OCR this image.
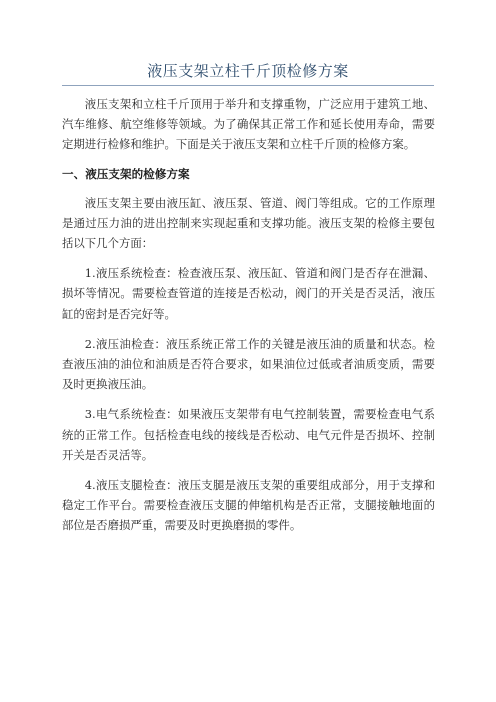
液压支架立柱千斤顶检修方案

液压支架和立柱千斤顶用于举升和支撑重物，广泛应用于建筑工地、汽车维修、航空维修等领域。为了确保其正常工作和延长使用寿命，需要定期进行检修和维护。下面是关于液压支架和立柱千斤顶的检修方案。

一、液压支架的检修方案

液压支架主要由液压缸、液压泵、管道、阀门等组成。它的工作原理是通过压力油的进出控制来实现起重和支撑功能。液压支架的检修主要包括以下几个方面：

1.液压系统检查：检查液压泵、液压缸、管道和阀门是否存在泄漏、损坏等情况。需要检查管道的连接是否松动，阀门的开关是否灵活，液压缸的密封是否完好等。

2.液压油检查：液压系统正常工作的关键是液压油的质量和状态。检查液压油的油位和油质是否符合要求，如果油位过低或者油质变质，需要及时更换液压油。

3.电气系统检查：如果液压支架带有电气控制装置，需要检查电气系统的正常工作。包括检查电线的接线是否松动、电气元件是否损坏、控制开关是否灵活等。

4.液压支腿检查：液压支腿是液压支架的重要组成部分，用于支撑和稳定工作平台。需要检查液压支腿的伸缩机构是否正常，支腿接触地面的部位是否磨损严重，需要及时更换磨损的零件。
